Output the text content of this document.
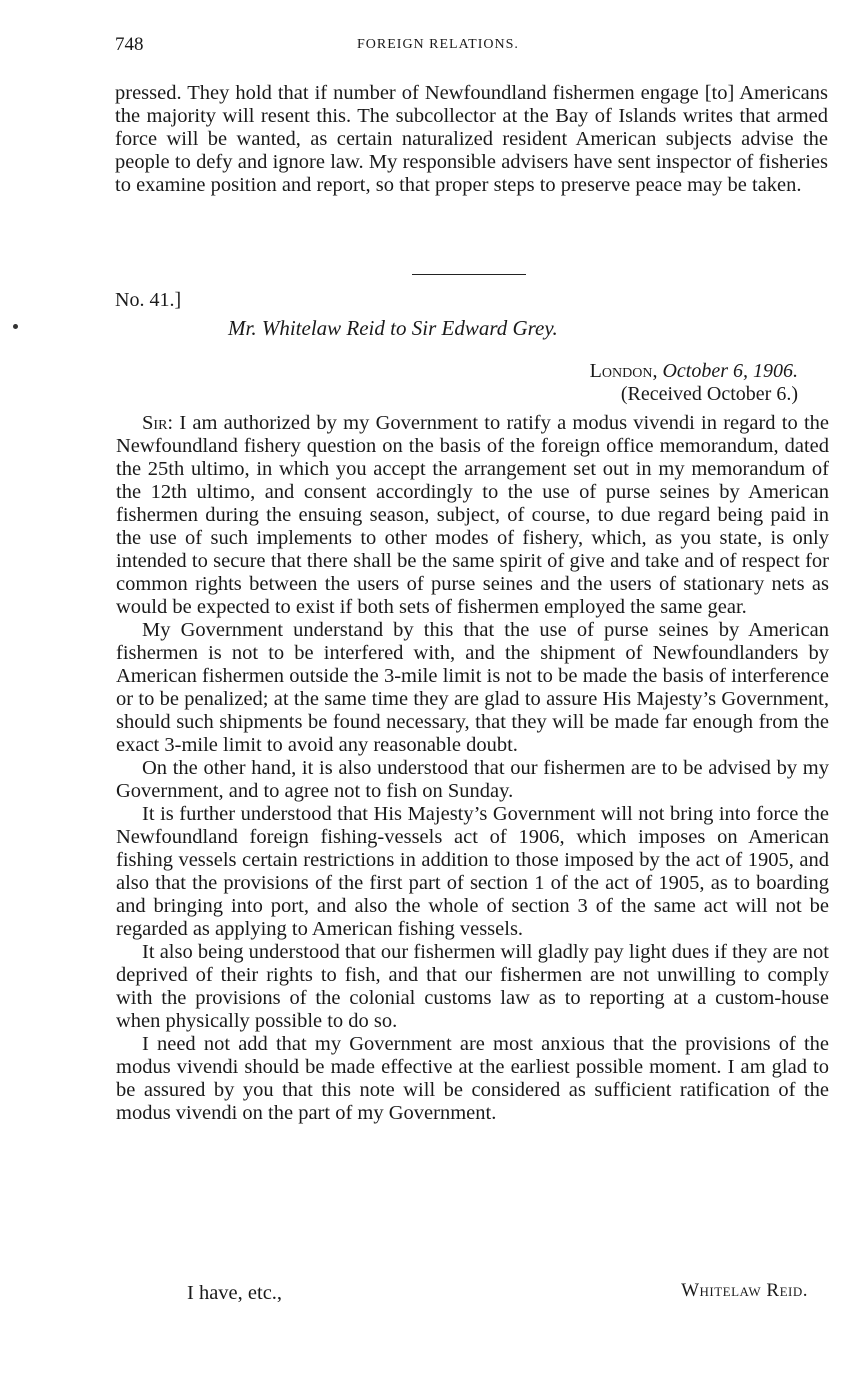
748	FOREIGN RELATIONS.

pressed. They hold that if number of Newfoundland fishermen engage [to] Americans the majority will resent this. The subcollector at the Bay of Islands writes that armed force will be wanted, as certain naturalized resident American subjects advise the people to defy and ignore law. My responsible advisers have sent inspector of fisheries to examine position and report, so that proper steps to preserve peace may be taken.

No. 41.]
Mr. Whitelaw Reid to Sir Edward Grey.
London, October 6, 1906.
(Received October 6.)

Sir: I am authorized by my Government to ratify a modus vivendi in regard to the Newfoundland fishery question on the basis of the foreign office memorandum, dated the 25th ultimo, in which you accept the arrangement set out in my memorandum of the 12th ultimo, and consent accordingly to the use of purse seines by American fishermen during the ensuing season, subject, of course, to due regard being paid in the use of such implements to other modes of fishery, which, as you state, is only intended to secure that there shall be the same spirit of give and take and of respect for common rights between the users of purse seines and the users of stationary nets as would be expected to exist if both sets of fishermen employed the same gear.

My Government understand by this that the use of purse seines by American fishermen is not to be interfered with, and the shipment of Newfoundlanders by American fishermen outside the 3-mile limit is not to be made the basis of interference or to be penalized; at the same time they are glad to assure His Majesty’s Government, should such shipments be found necessary, that they will be made far enough from the exact 3-mile limit to avoid any reasonable doubt.

On the other hand, it is also understood that our fishermen are to be advised by my Government, and to agree not to fish on Sunday.

It is further understood that His Majesty’s Government will not bring into force the Newfoundland foreign fishing-vessels act of 1906, which imposes on American fishing vessels certain restrictions in addition to those imposed by the act of 1905, and also that the provisions of the first part of section 1 of the act of 1905, as to boarding and bringing into port, and also the whole of section 3 of the same act will not be regarded as applying to American fishing vessels.

It also being understood that our fishermen will gladly pay light dues if they are not deprived of their rights to fish, and that our fishermen are not unwilling to comply with the provisions of the colonial customs law as to reporting at a custom-house when physically possible to do so.

I need not add that my Government are most anxious that the provisions of the modus vivendi should be made effective at the earliest possible moment. I am glad to be assured by you that this note will be considered as sufficient ratification of the modus vivendi on the part of my Government.

I have, etc.,	Whitelaw Reid.
